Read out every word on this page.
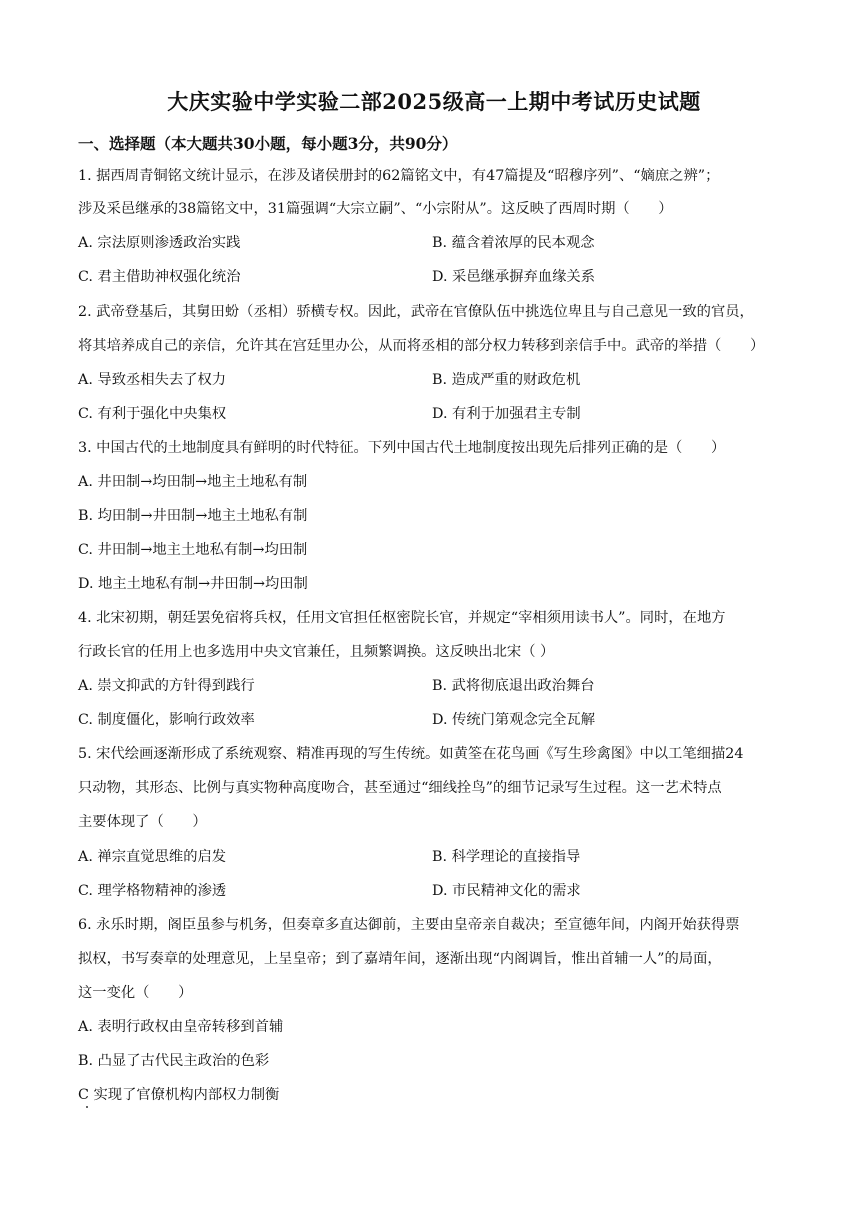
大庆实验中学实验二部2025级高一上期中考试历史试题
一、选择题（本大题共30小题，每小题3分，共90分）
1. 据西周青铜铭文统计显示，在涉及诸侯册封的62篇铭文中，有47篇提及“昭穆序列”、“嫡庶之辨”；
涉及采邑继承的38篇铭文中，31篇强调“大宗立嗣”、“小宗附从”。这反映了西周时期（　　）
A. 宗法原则渗透政治实践	B. 蕴含着浓厚的民本观念
C. 君主借助神权强化统治	D. 采邑继承摒弃血缘关系
2. 武帝登基后，其舅田蚡（丞相）骄横专权。因此，武帝在官僚队伍中挑选位卑且与自己意见一致的官员，
将其培养成自己的亲信，允许其在宫廷里办公，从而将丞相的部分权力转移到亲信手中。武帝的举措（　　）
A. 导致丞相失去了权力	B. 造成严重的财政危机
C. 有利于强化中央集权	D. 有利于加强君主专制
3. 中国古代的土地制度具有鲜明的时代特征。下列中国古代土地制度按出现先后排列正确的是（　　）
A. 井田制→均田制→地主土地私有制
B. 均田制→井田制→地主土地私有制
C. 井田制→地主土地私有制→均田制
D. 地主土地私有制→井田制→均田制
4. 北宋初期，朝廷罢免宿将兵权，任用文官担任枢密院长官，并规定“宰相须用读书人”。同时，在地方
行政长官的任用上也多选用中央文官兼任，且频繁调换。这反映出北宋（ ）
A. 崇文抑武的方针得到践行	B. 武将彻底退出政治舞台
C. 制度僵化，影响行政效率	D. 传统门第观念完全瓦解
5. 宋代绘画逐渐形成了系统观察、精准再现的写生传统。如黄筌在花鸟画《写生珍禽图》中以工笔细描24
只动物，其形态、比例与真实物种高度吻合，甚至通过“细线拴鸟”的细节记录写生过程。这一艺术特点
主要体现了（　　）
A. 禅宗直觉思维的启发	B. 科学理论的直接指导
C. 理学格物精神的渗透	D. 市民精神文化的需求
6. 永乐时期，阁臣虽参与机务，但奏章多直达御前，主要由皇帝亲自裁决；至宣德年间，内阁开始获得票
拟权，书写奏章的处理意见，上呈皇帝；到了嘉靖年间，逐渐出现“内阁调旨，惟出首辅一人”的局面，
这一变化（　　）
A. 表明行政权由皇帝转移到首辅
B. 凸显了古代民主政治的色彩
C 实现了官僚机构内部权力制衡
